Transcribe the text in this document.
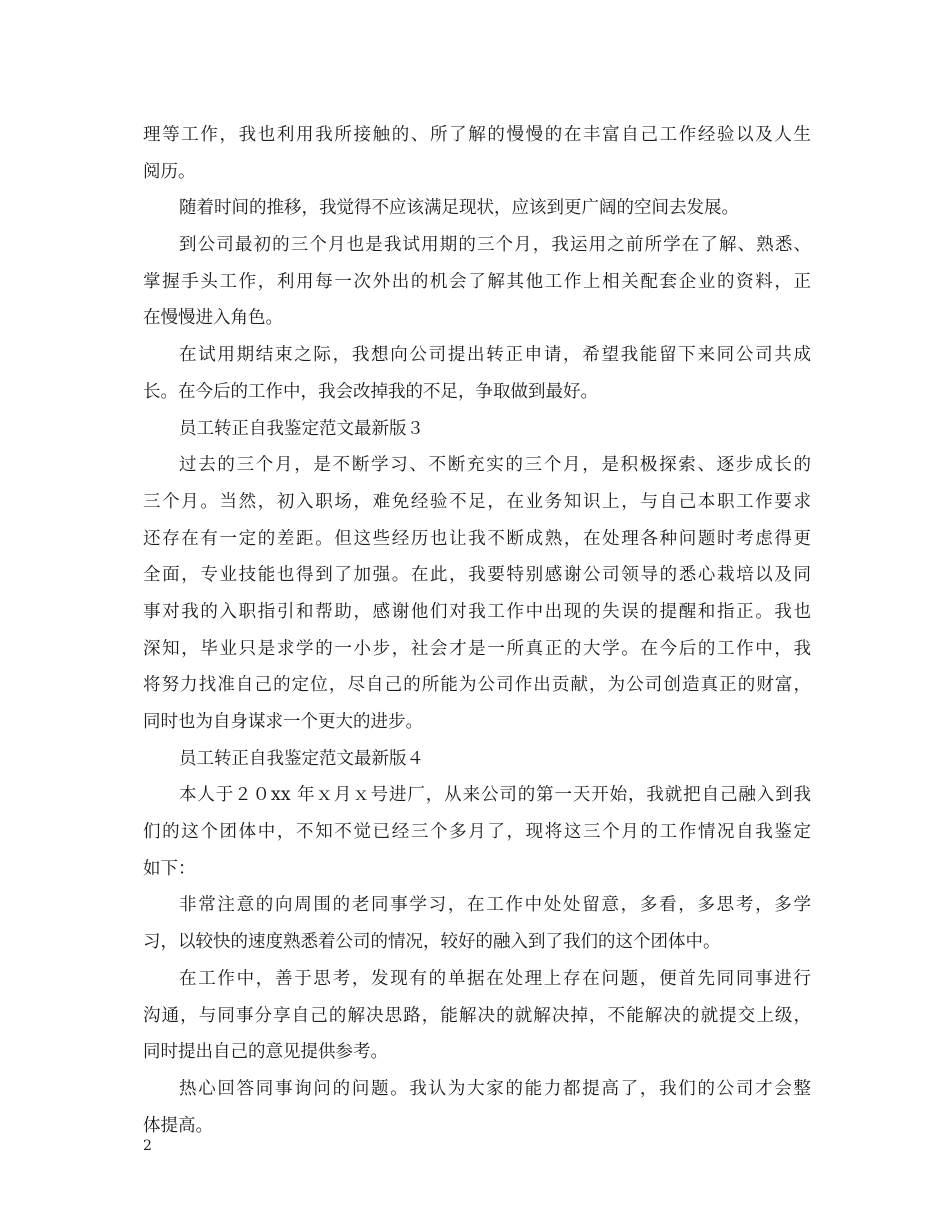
理等工作，我也利用我所接触的、所了解的慢慢的在丰富自己工作经验以及人生
阅历。
随着时间的推移，我觉得不应该满足现状，应该到更广阔的空间去发展。
到公司最初的三个月也是我试用期的三个月，我运用之前所学在了解、熟悉、
掌握手头工作，利用每一次外出的机会了解其他工作上相关配套企业的资料，正
在慢慢进入角色。
在试用期结束之际，我想向公司提出转正申请，希望我能留下来同公司共成
长。在今后的工作中，我会改掉我的不足，争取做到最好。
员工转正自我鉴定范文最新版３
过去的三个月，是不断学习、不断充实的三个月，是积极探索、逐步成长的
三个月。当然，初入职场，难免经验不足，在业务知识上，与自己本职工作要求
还存在有一定的差距。但这些经历也让我不断成熟，在处理各种问题时考虑得更
全面，专业技能也得到了加强。在此，我要特别感谢公司领导的悉心栽培以及同
事对我的入职指引和帮助，感谢他们对我工作中出现的失误的提醒和指正。我也
深知，毕业只是求学的一小步，社会才是一所真正的大学。在今后的工作中，我
将努力找准自己的定位，尽自己的所能为公司作出贡献，为公司创造真正的财富，
同时也为自身谋求一个更大的进步。
员工转正自我鉴定范文最新版４
本人于２０xx 年ｘ月ｘ号进厂，从来公司的第一天开始，我就把自己融入到我
们的这个团体中，不知不觉已经三个多月了，现将这三个月的工作情况自我鉴定
如下：
非常注意的向周围的老同事学习，在工作中处处留意，多看，多思考，多学
习，以较快的速度熟悉着公司的情况，较好的融入到了我们的这个团体中。
在工作中，善于思考，发现有的单据在处理上存在问题，便首先同同事进行
沟通，与同事分享自己的解决思路，能解决的就解决掉，不能解决的就提交上级，
同时提出自己的意见提供参考。
热心回答同事询问的问题。我认为大家的能力都提高了，我们的公司才会整
体提高。
2
